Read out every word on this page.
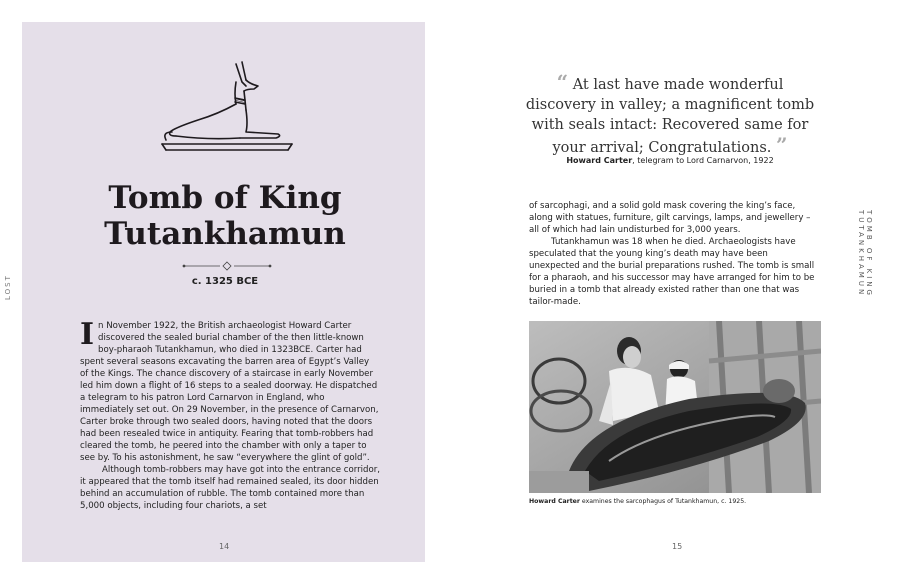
LOST
Tomb of King
Tutankhamun
c. 1325 BCE

In November 1922, the British archaeologist Howard Carter discovered the sealed burial chamber of the then little-known boy-pharaoh Tutankhamun, who died in 1323BCE. Carter had spent several seasons excavating the barren area of Egypt’s Valley of the Kings. The chance discovery of a staircase in early November led him down a flight of 16 steps to a sealed doorway. He dispatched a telegram to his patron Lord Carnarvon in England, who immediately set out. On 29 November, in the presence of Carnarvon, Carter broke through two sealed doors, having noted that the doors had been resealed twice in antiquity. Fearing that tomb-robbers had cleared the tomb, he peered into the chamber with only a taper to see by. To his astonishment, he saw “everywhere the glint of gold”.

Although tomb-robbers may have got into the entrance corridor, it appeared that the tomb itself had remained sealed, its door hidden behind an accumulation of rubble. The tomb contained more than 5,000 objects, including four chariots, a set

14
TOMB OF KING TUTANKHAMUN

“ At last have made wonderful discovery in valley; a magnificent tomb with seals intact: Recovered same for your arrival; Congratulations. ”

Howard Carter, telegram to Lord Carnarvon, 1922

of sarcophagi, and a solid gold mask covering the king’s face, along with statues, furniture, gilt carvings, lamps, and jewellery – all of which had lain undisturbed for 3,000 years.

Tutankhamun was 18 when he died. Archaeologists have speculated that the young king’s death may have been unexpected and the burial preparations rushed. The tomb is small for a pharaoh, and his successor may have arranged for him to be buried in a tomb that already existed rather than one that was tailor-made.

Howard Carter examines the sarcophagus of Tutankhamun, c. 1925.
15
